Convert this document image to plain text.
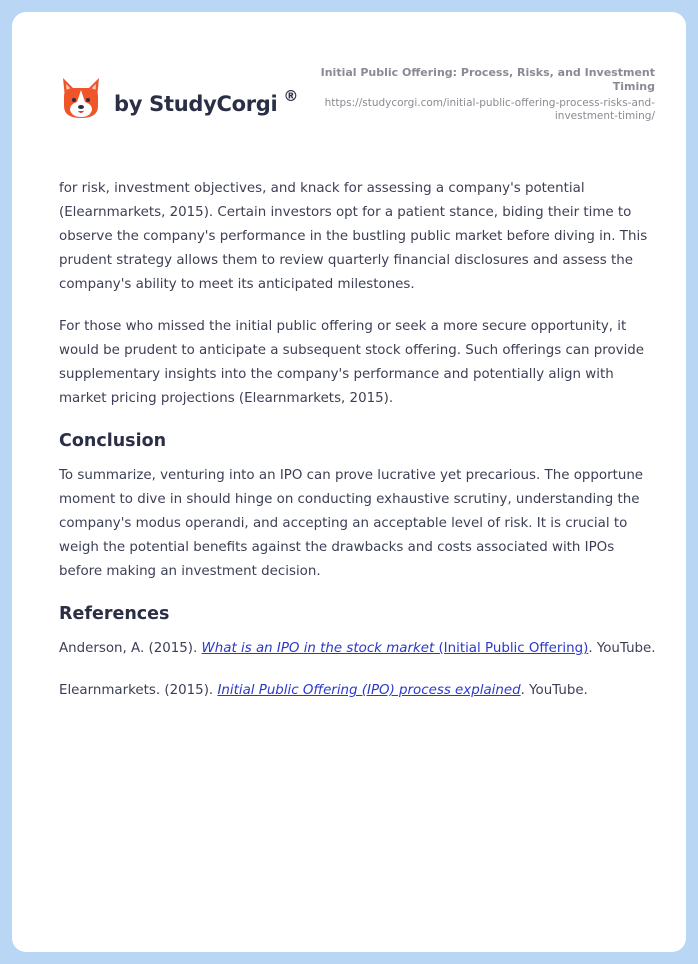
by StudyCorgi ®
Initial Public Offering: Process, Risks, and Investment Timing
https://studycorgi.com/initial-public-offering-process-risks-and-investment-timing/

for risk, investment objectives, and knack for assessing a company's potential (Elearnmarkets, 2015). Certain investors opt for a patient stance, biding their time to observe the company's performance in the bustling public market before diving in. This prudent strategy allows them to review quarterly financial disclosures and assess the company's ability to meet its anticipated milestones.

For those who missed the initial public offering or seek a more secure opportunity, it would be prudent to anticipate a subsequent stock offering. Such offerings can provide supplementary insights into the company's performance and potentially align with market pricing projections (Elearnmarkets, 2015).

Conclusion

To summarize, venturing into an IPO can prove lucrative yet precarious. The opportune moment to dive in should hinge on conducting exhaustive scrutiny, understanding the company's modus operandi, and accepting an acceptable level of risk. It is crucial to weigh the potential benefits against the drawbacks and costs associated with IPOs before making an investment decision.

References

Anderson, A. (2015). What is an IPO in the stock market (Initial Public Offering). YouTube.

Elearnmarkets. (2015). Initial Public Offering (IPO) process explained. YouTube.
